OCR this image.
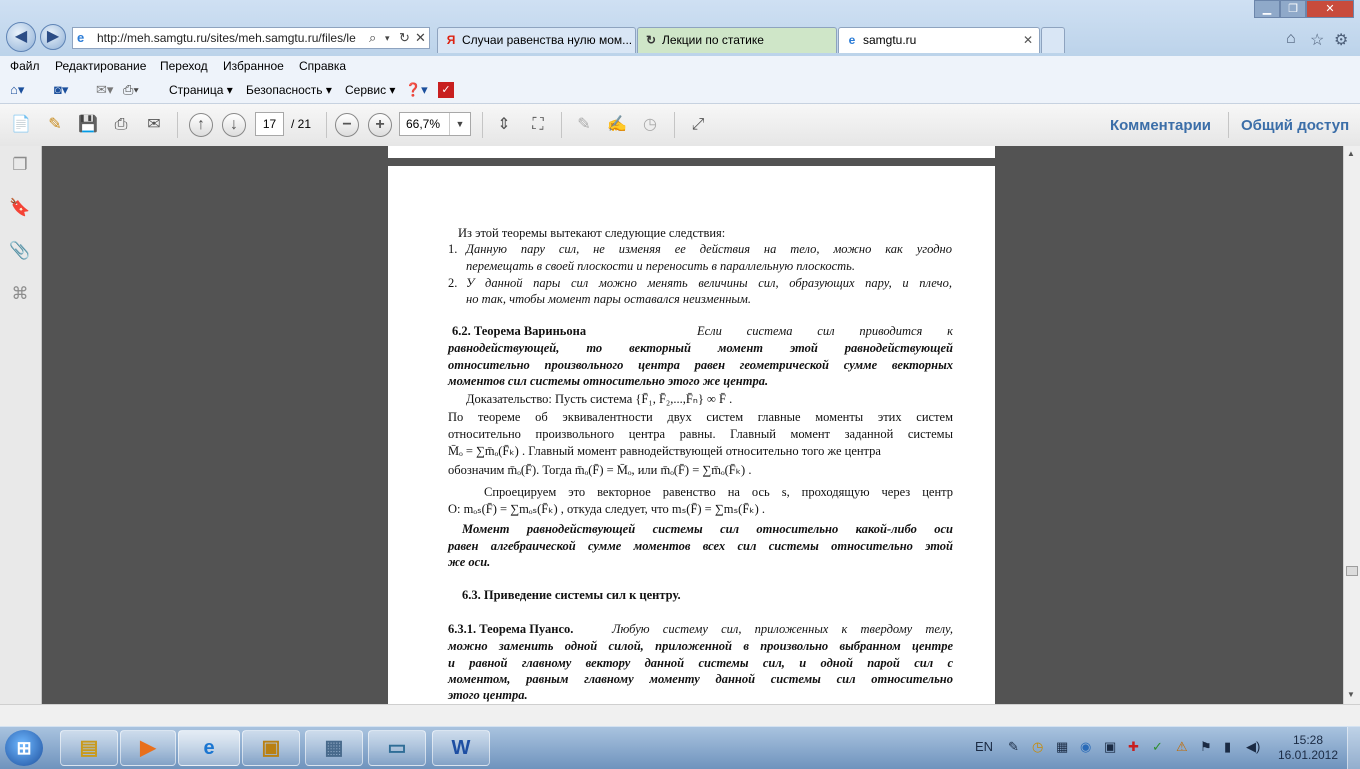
◀	▶	e	http://meh.samgtu.ru/sites/meh.samgtu.ru/files/le	⌕ ▾ ↻ ✕	Я Случаи равенства нулю мом...	↻ Лекции по статике	e samgtu.ru	✕
▁	❐	✕
⌂ ☆ ⚙
Файл Редактирование Переход Избранное Справка
⌂▾ ◙▾ ✉▾ ⎙▾	Страница ▾ Безопасность ▾ Сервис ▾ ❓▾	✓
📄	✎	💾	⎙	✉	↑	↓	−	+	⇕	⛶	✎	✍	◷	⤢
17	/ 21	66,7%	▼	Комментарии Общий доступ
❐
🔖
📎
⌘

Из этой теоремы вытекают следующие следствия:

1. Данную пару сил, не изменяя ее действия на тело, можно как угодно

перемещать в своей плоскости и переносить в параллельную плоскость.

2. У данной пары сил можно менять величины сил, образующих пару, и плечо,

но так, чтобы момент пары оставался неизменным.

6.2. Теорема Вариньона	Если система сил приводится к

равнодействующей, то векторный момент этой равнодействующей

относительно произвольного центра равен геометрической сумме векторных

моментов сил системы относительно этого же центра.

Доказательство: Пусть система {F̄₁, F̄₂,...,F̄ₙ} ∞ F̄ .

По теореме об эквивалентности двух систем главные моменты этих систем

относительно произвольного центра равны. Главный момент заданной системы

M̄ₒ = ∑m̄ₒ(F̄ₖ) . Главный момент равнодействующей относительно того же центра

обозначим m̄ₒ(F̄). Тогда m̄ₒ(F̄) = M̄ₒ, или m̄ₒ(F̄) = ∑m̄ₒ(F̄ₖ) .

Спроецируем это векторное равенство на ось s, проходящую через центр

O: mₒₛ(F̄) = ∑mₒₛ(F̄ₖ) , откуда следует, что mₛ(F̄) = ∑mₛ(F̄ₖ) .

Момент равнодействующей системы сил относительно какой-либо оси

равен алгебраической сумме моментов всех сил системы относительно этой

же оси.

6.3. Приведение системы сил к центру.

6.3.1. Теорема Пуансо.	Любую систему сил, приложенных к твердому телу,

можно заменить одной силой, приложенной в произвольно выбранном центре

и равной главному вектору данной системы сил, и одной парой сил с

моментом, равным главному моменту данной системы сил относительно

этого центра.

▲
▼
⊞	▤	▶	e	▣	▦	▭	W	EN ✎ ◷ ▦ ◉ ▣ ✚ ✓ ⚠ ⚑ ▮ ◀)	15:28
16.01.2012
